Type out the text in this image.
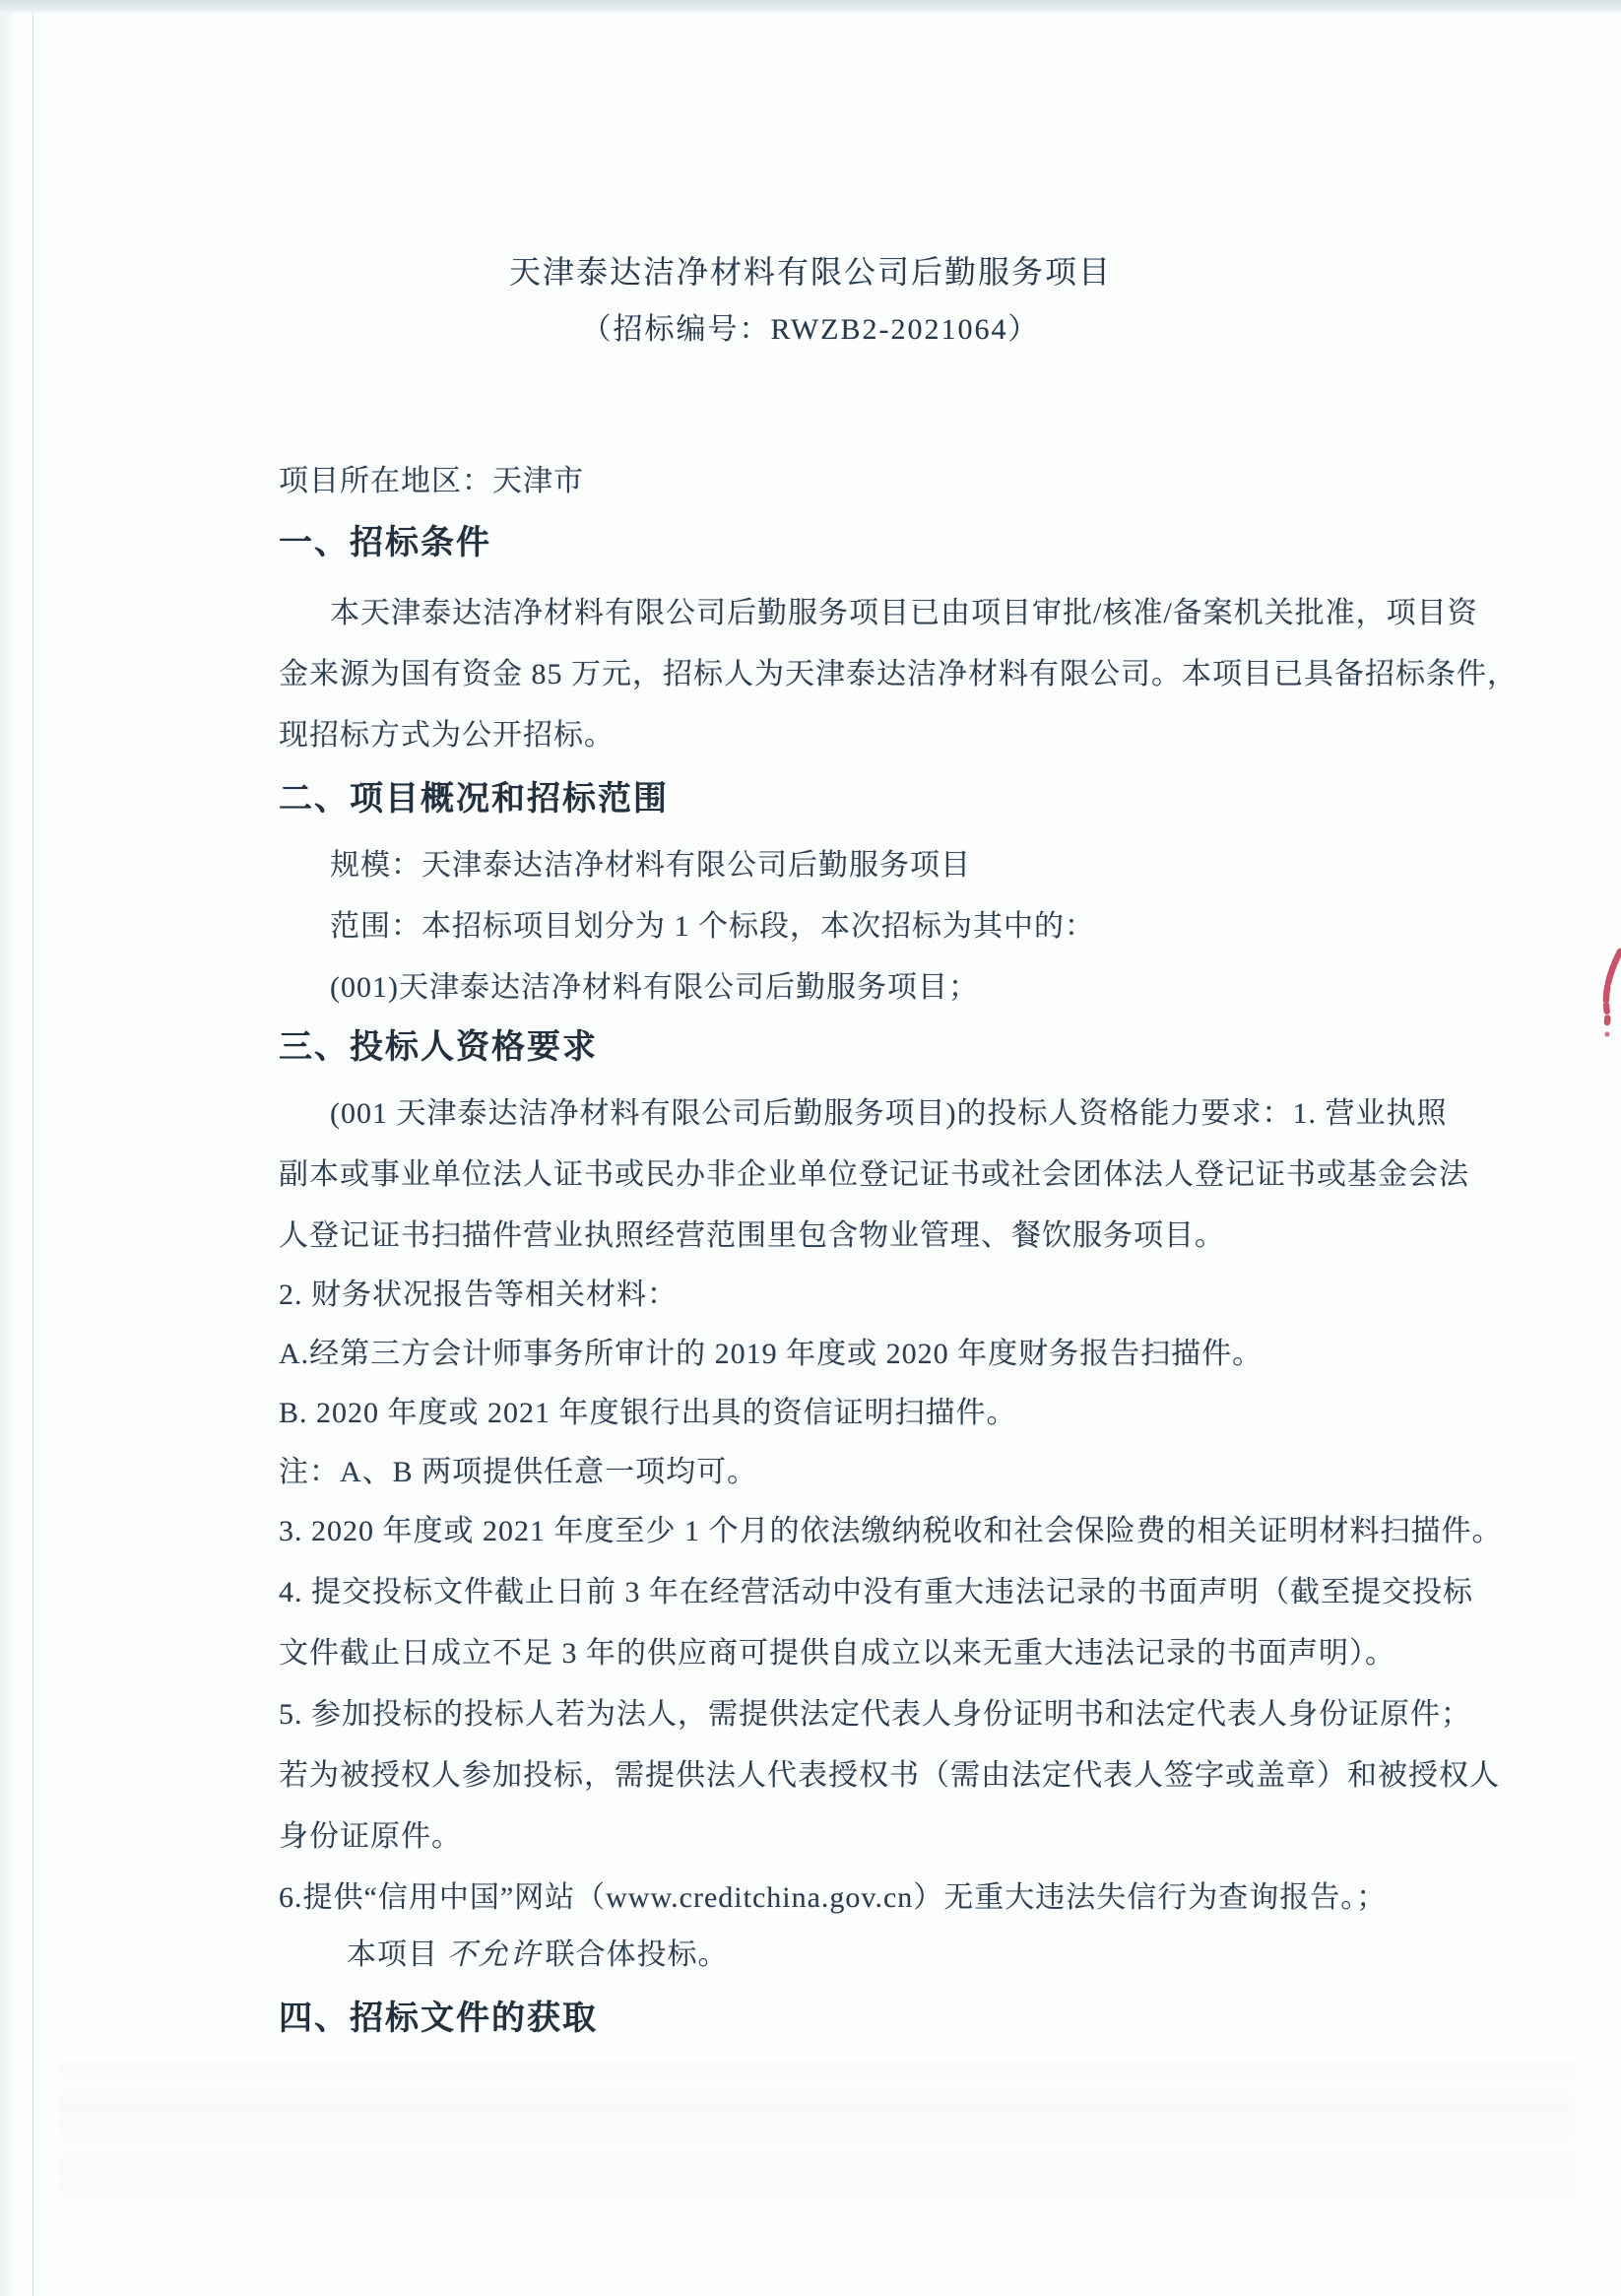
天津泰达洁净材料有限公司后勤服务项目
（招标编号：RWZB2-2021064）
项目所在地区：天津市
一、招标条件
本天津泰达洁净材料有限公司后勤服务项目已由项目审批/核准/备案机关批准，项目资
金来源为国有资金 85 万元，招标人为天津泰达洁净材料有限公司。本项目已具备招标条件，
现招标方式为公开招标。
二、项目概况和招标范围
规模：天津泰达洁净材料有限公司后勤服务项目
范围：本招标项目划分为 1 个标段，本次招标为其中的：
(001)天津泰达洁净材料有限公司后勤服务项目；
三、投标人资格要求
(001 天津泰达洁净材料有限公司后勤服务项目)的投标人资格能力要求：1. 营业执照
副本或事业单位法人证书或民办非企业单位登记证书或社会团体法人登记证书或基金会法
人登记证书扫描件营业执照经营范围里包含物业管理、餐饮服务项目。
2. 财务状况报告等相关材料：
A.经第三方会计师事务所审计的 2019 年度或 2020 年度财务报告扫描件。
B. 2020 年度或 2021 年度银行出具的资信证明扫描件。
注：A、B 两项提供任意一项均可。
3. 2020 年度或 2021 年度至少 1 个月的依法缴纳税收和社会保险费的相关证明材料扫描件。
4. 提交投标文件截止日前 3 年在经营活动中没有重大违法记录的书面声明（截至提交投标
文件截止日成立不足 3 年的供应商可提供自成立以来无重大违法记录的书面声明）。
5. 参加投标的投标人若为法人，需提供法定代表人身份证明书和法定代表人身份证原件；
若为被授权人参加投标，需提供法人代表授权书（需由法定代表人签字或盖章）和被授权人
身份证原件。
6.提供“信用中国”网站（www.creditchina.gov.cn）无重大违法失信行为查询报告。；
本项目 不允许 联合体投标。
四、招标文件的获取
